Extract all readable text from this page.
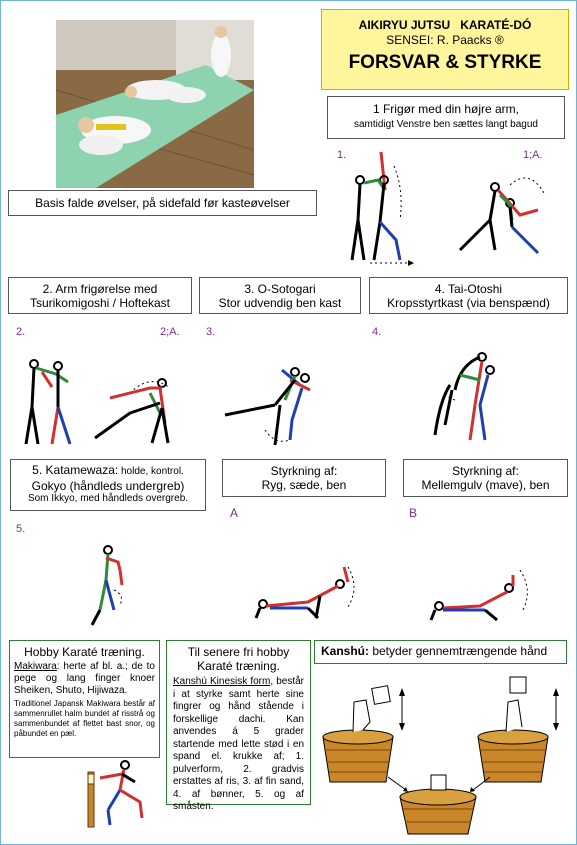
AIKIRYU JUTSU   KARATÉ-DÓ
SENSEI: R. Paacks ®
FORSVAR & STYRKE
Basis falde øvelser, på sidefald før kasteøvelser
1 Frigør med din højre arm,
samtidigt Venstre ben sættes langt bagud
1.	1;A.
2. Arm frigørelse med
Tsurikomigoshi / Hoftekast
3. O-Sotogari
Stor udvendig ben kast
4. Tai-Otoshi
Kropsstyrtkast (via benspænd)
2.	2;A. 3.	4.
5. Katamewaza: holde, kontrol.
Gokyo (håndleds undergreb)
Som Ikkyo, med håndleds overgreb.
Styrkning af:
Ryg, sæde, ben
Styrkning af:
Mellemgulv (mave), ben
5.
A	B
Hobby Karaté træning.
Makiwara: herte af bl. a.; de to pege og lang finger knoer Sheiken, Shuto, Hijiwaza.
Traditionel Japansk Makiwara består af sammenrullet halm bundet af risstrå og sammenbundet af flettet bast snor, og påbundet en pæl.
Til senere fri hobby
Karaté træning.
Kanshú Kinesisk form, består i at styrke samt herte sine fingrer og hånd stående i forskellige dachi. Kan anvendes á 5 grader startende med lette stød i en spand el. krukke af; 1. pulverform, 2. gradvis erstattes af ris, 3. af fin sand, 4. af bønner, 5. og af småsten.
Kanshú: betyder gennemtrængende hånd
